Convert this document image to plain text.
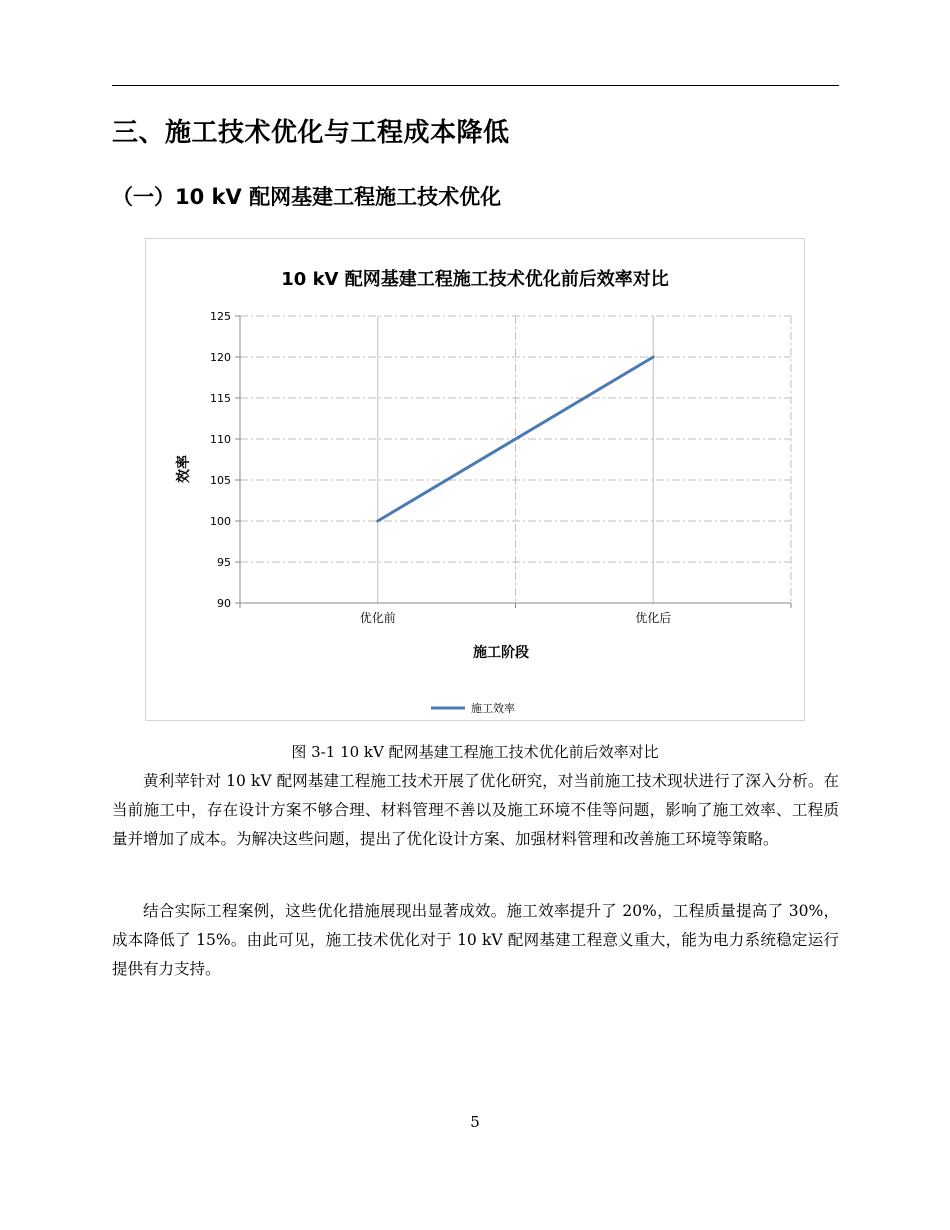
三、施工技术优化与工程成本降低
（一）10 kV 配网基建工程施工技术优化
10 kV 配网基建工程施工技术优化前后效率对比
90
95
100
105
110
115
120
125
优化前	优化后
效率
施工阶段
施工效率
图 3-1 10 kV 配网基建工程施工技术优化前后效率对比

黄利苹针对 10 kV 配网基建工程施工技术开展了优化研究，对当前施工技术现状进行了深入分析。在当前施工中，存在设计方案不够合理、材料管理不善以及施工环境不佳等问题，影响了施工效率、工程质量并增加了成本。为解决这些问题，提出了优化设计方案、加强材料管理和改善施工环境等策略。

结合实际工程案例，这些优化措施展现出显著成效。施工效率提升了 20%，工程质量提高了 30%，成本降低了 15%。由此可见，施工技术优化对于 10 kV 配网基建工程意义重大，能为电力系统稳定运行提供有力支持。

5
